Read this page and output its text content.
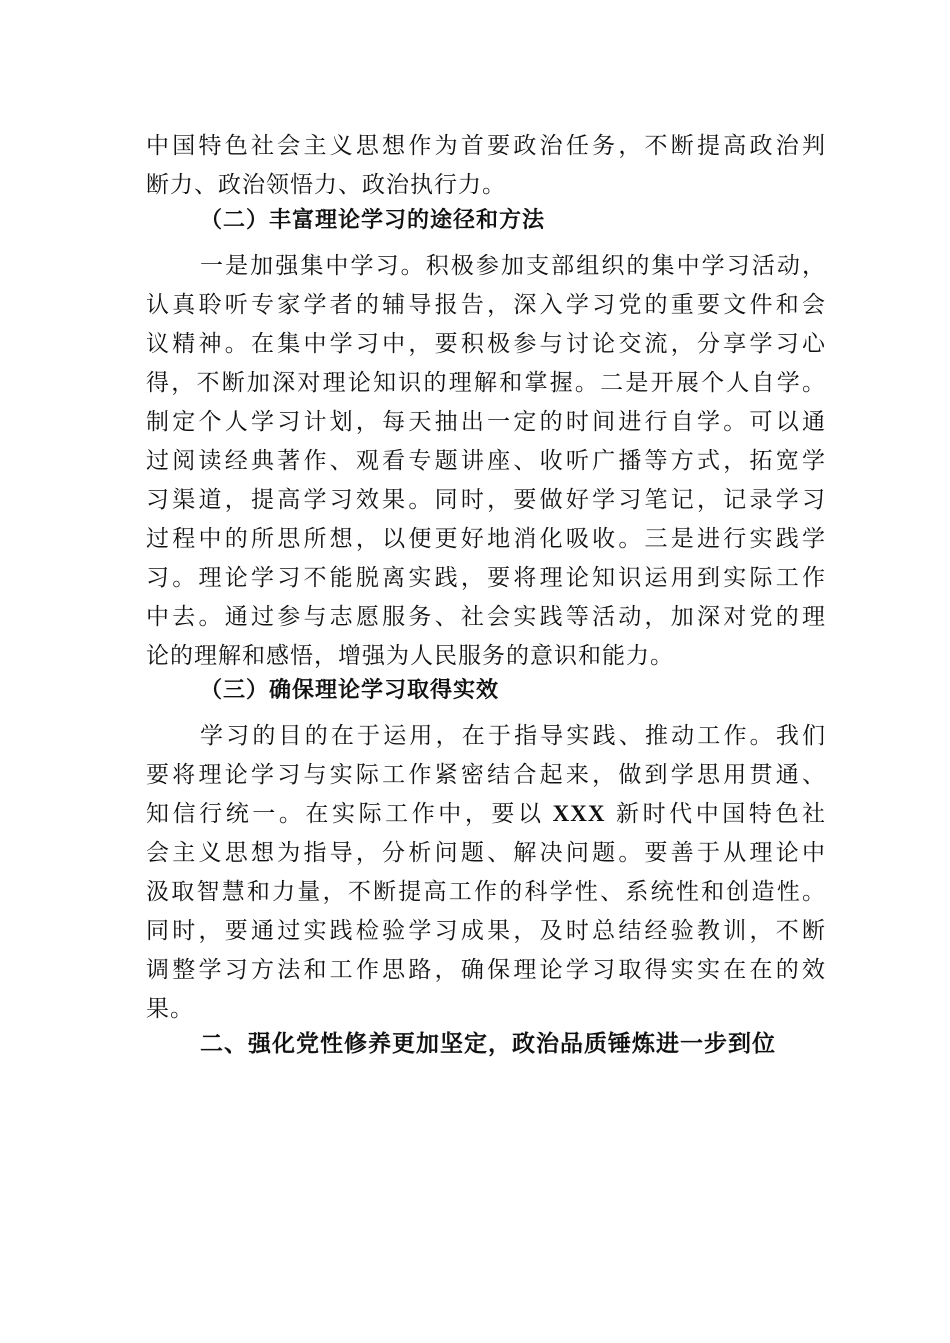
中国特色社会主义思想作为首要政治任务，不断提高政治判
断力、政治领悟力、政治执行力。
（二）丰富理论学习的途径和方法
一是加强集中学习。积极参加支部组织的集中学习活动，
认真聆听专家学者的辅导报告，深入学习党的重要文件和会
议精神。在集中学习中，要积极参与讨论交流，分享学习心
得，不断加深对理论知识的理解和掌握。二是开展个人自学。
制定个人学习计划，每天抽出一定的时间进行自学。可以通
过阅读经典著作、观看专题讲座、收听广播等方式，拓宽学
习渠道，提高学习效果。同时，要做好学习笔记，记录学习
过程中的所思所想，以便更好地消化吸收。三是进行实践学
习。理论学习不能脱离实践，要将理论知识运用到实际工作
中去。通过参与志愿服务、社会实践等活动，加深对党的理
论的理解和感悟，增强为人民服务的意识和能力。
（三）确保理论学习取得实效
学习的目的在于运用，在于指导实践、推动工作。我们
要将理论学习与实际工作紧密结合起来，做到学思用贯通、
知信行统一。在实际工作中，要以 XXX 新时代中国特色社
会主义思想为指导，分析问题、解决问题。要善于从理论中
汲取智慧和力量，不断提高工作的科学性、系统性和创造性。
同时，要通过实践检验学习成果，及时总结经验教训，不断
调整学习方法和工作思路，确保理论学习取得实实在在的效
果。
二、强化党性修养更加坚定，政治品质锤炼进一步到位
